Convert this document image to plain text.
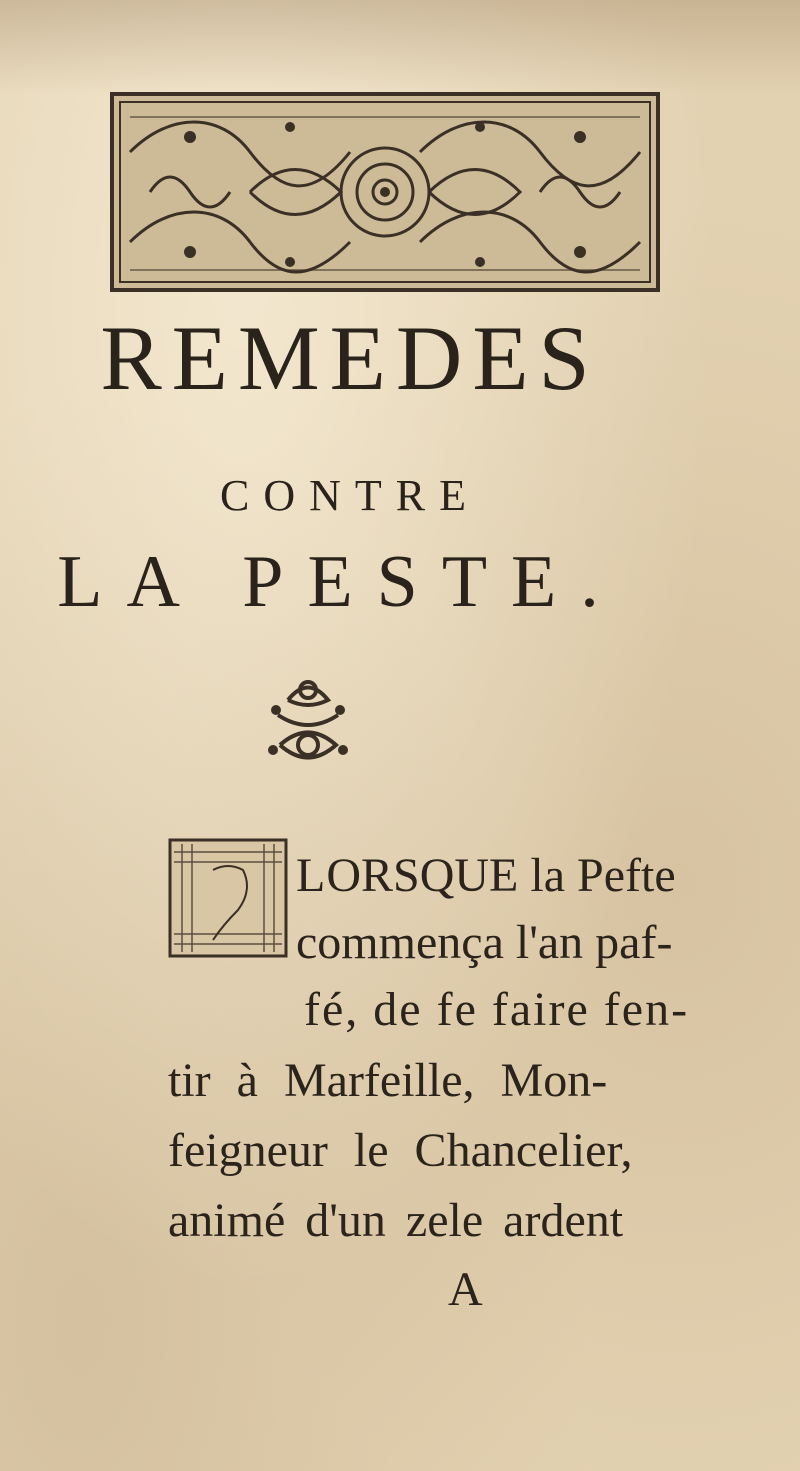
REMEDES
CONTRE
LA PESTE.
LORSQUE la Pefte
commença l'an paf-
fé, de fe faire fen-
tir à Marfeille, Mon-
feigneur le Chancelier,
animé d'un zele ardent
A
